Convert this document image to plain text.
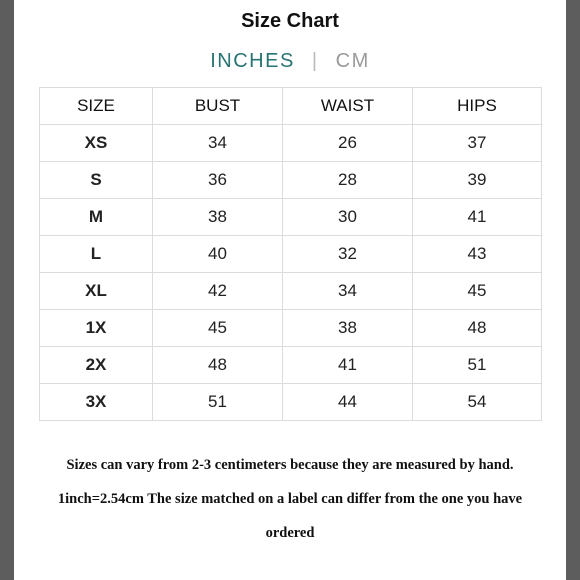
Size Chart
INCHES | CM
SIZE	BUST	WAIST	HIPS
XS	34	26	37
S	36	28	39
M	38	30	41
L	40	32	43
XL	42	34	45
1X	45	38	48
2X	48	41	51
3X	51	44	54
Sizes can vary from 2-3 centimeters because they are measured by hand.
1inch=2.54cm The size matched on a label can differ from the one you have
ordered
